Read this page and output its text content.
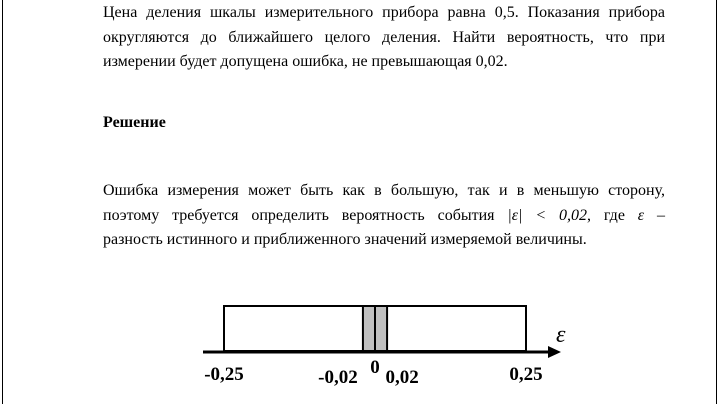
Цена деления шкалы измерительного прибора равна 0,5. Показания прибора округляются до ближайшего целого деления. Найти вероятность, что при
измерении будет допущена ошибка, не превышающая 0,02.

Решение

Ошибка измерения может быть как в большую, так и в меньшую сторону, поэтому требуется определить вероятность события |ε| < 0,02, где ε –
разность истинного и приближенного значений измеряемой величины.

ε
-0,25	-0,02 0 0,02	0,25
